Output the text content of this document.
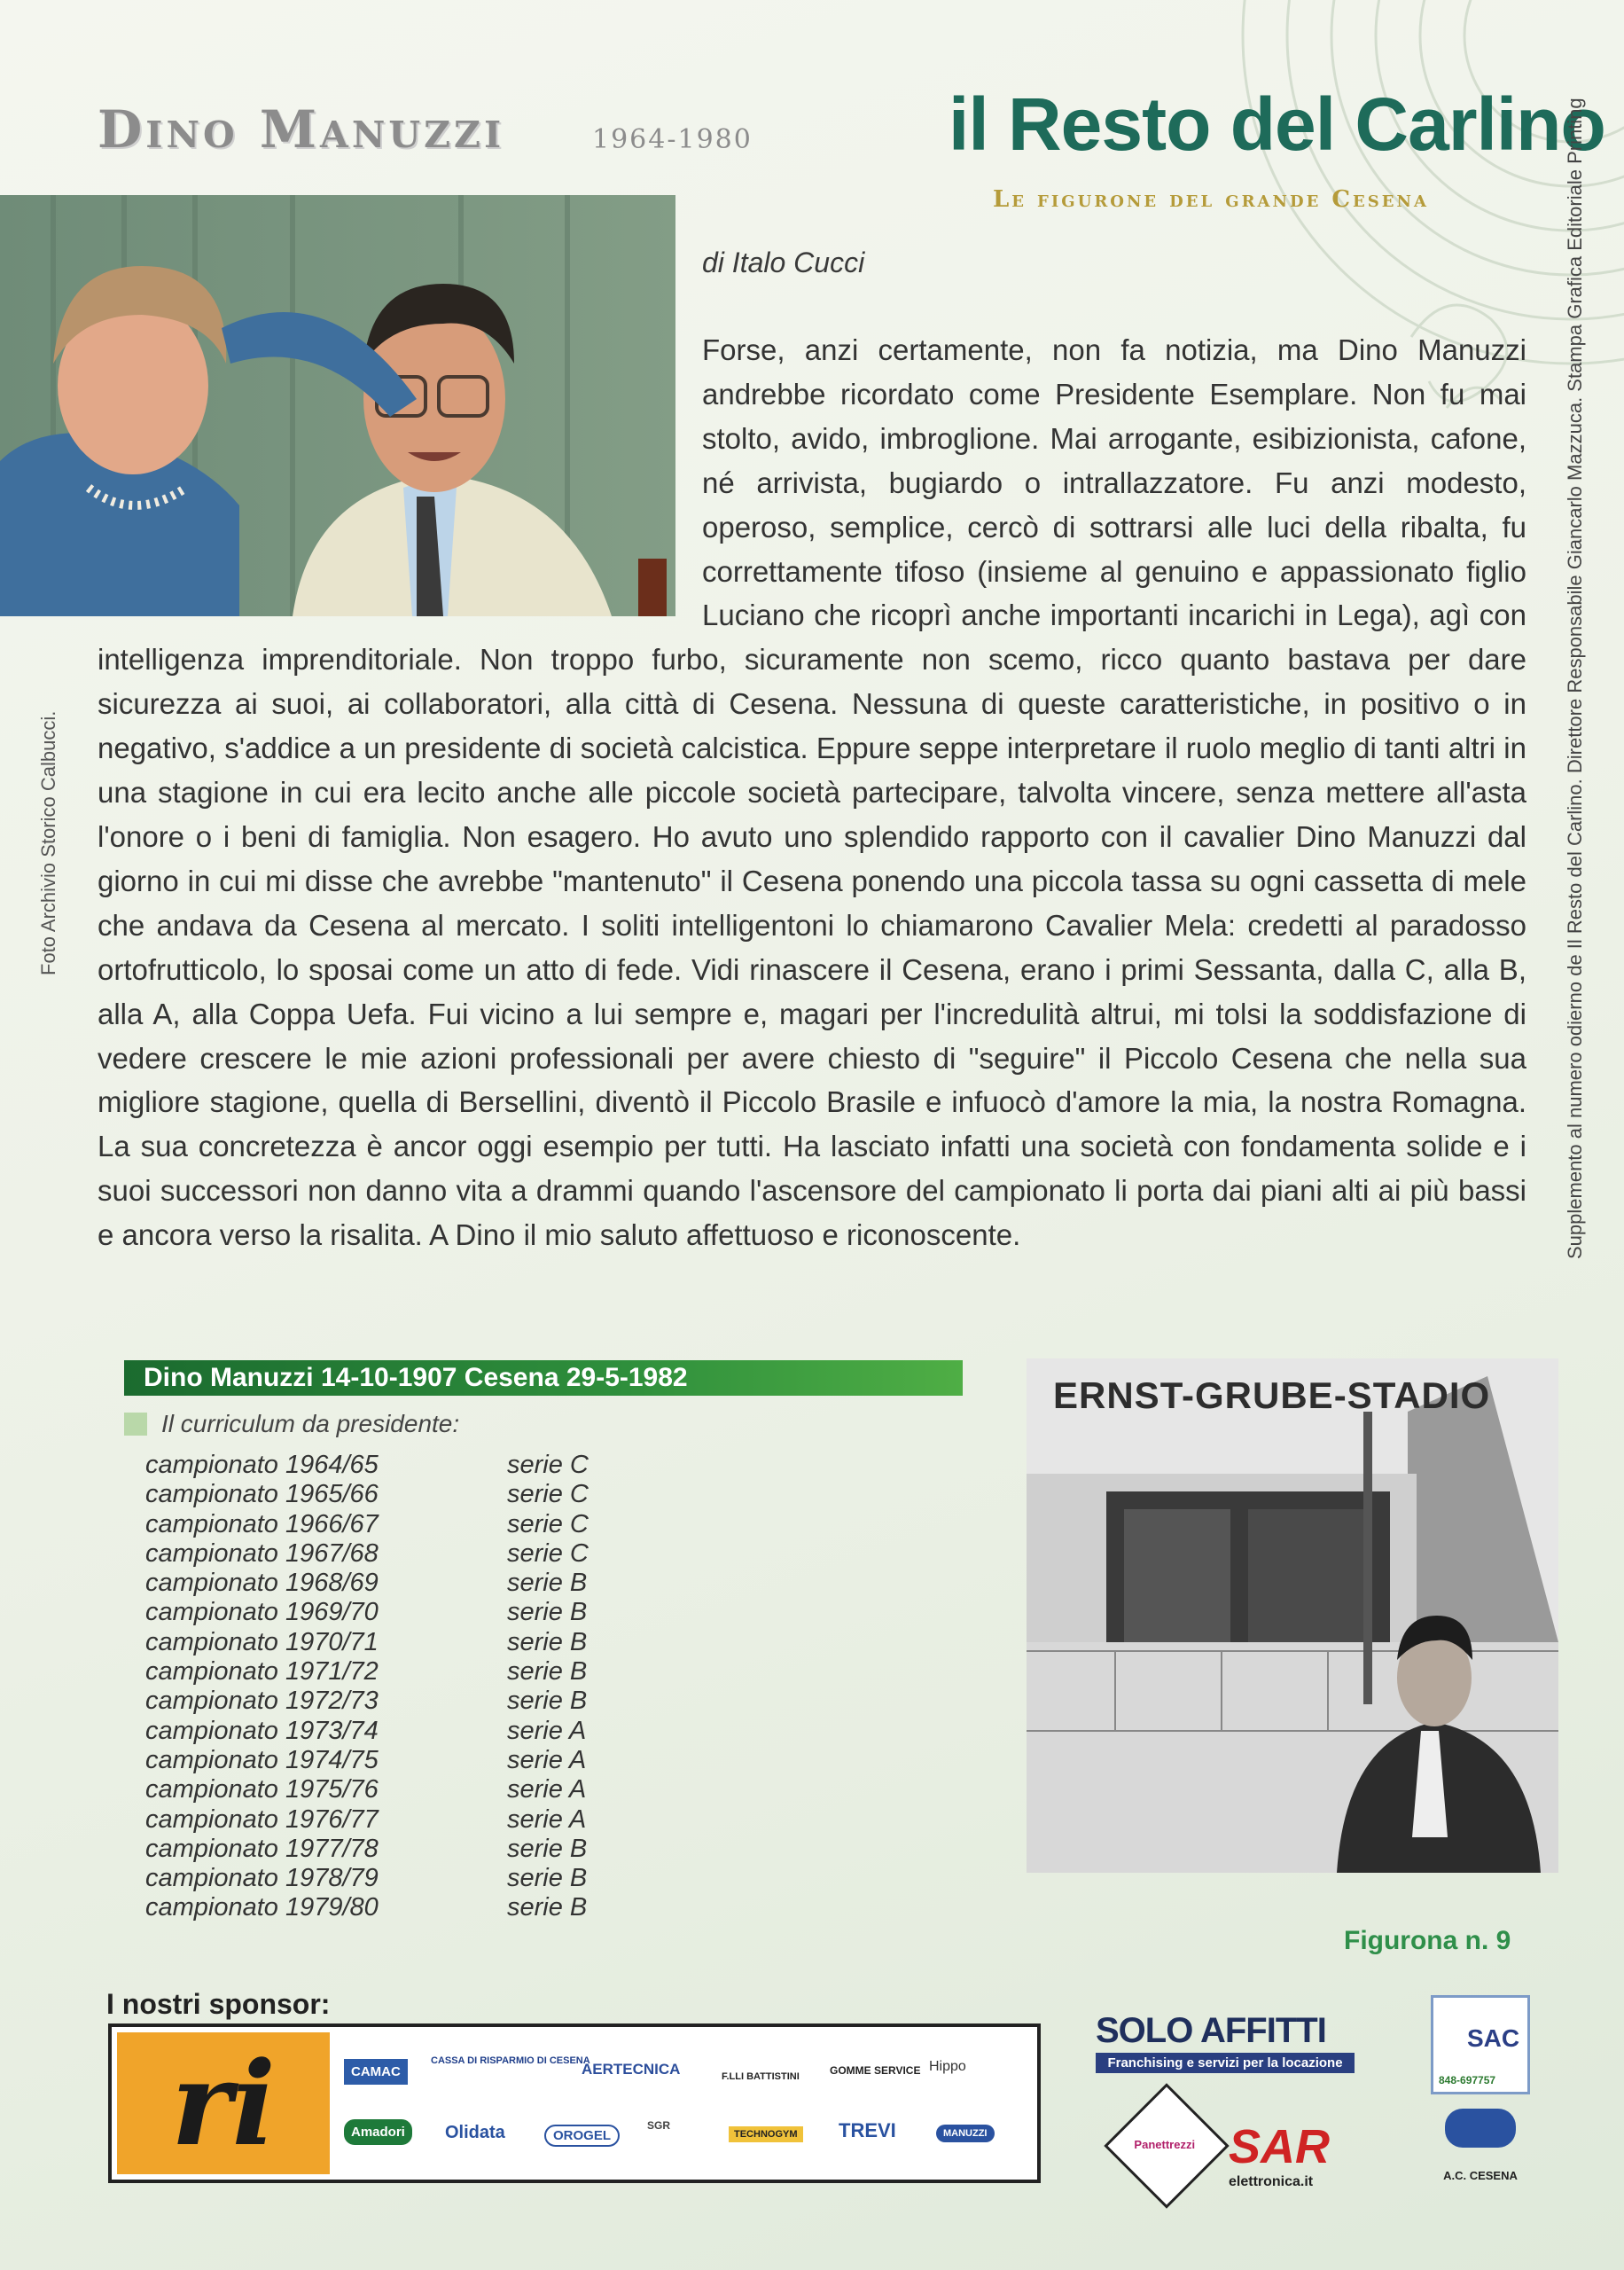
Dino Manuzzi	1964-1980	il Resto del Carlino
Le figurone del grande Cesena	Supplemento al numero odierno de Il Resto del Carlino. Direttore Responsabile Giancarlo Mazzuca. Stampa Grafica Editoriale Printing
Foto Archivio Storico Calbucci.
di Italo Cucci
Forse, anzi certamente, non fa notizia, ma Dino Manuzzi andrebbe ricordato come Presidente Esemplare. Non fu mai stolto, avido, imbroglione. Mai arrogante, esibizionista, cafone, né arrivista, bugiardo o intrallazzatore. Fu anzi modesto, operoso, semplice, cercò di sottrarsi alle luci della ribalta, fu correttamente tifoso (insieme al genuino e appassionato figlio Luciano che ricoprì anche importanti incarichi in Lega), agì con intelligenza imprenditoriale. Non troppo furbo, sicuramente non scemo, ricco quanto bastava per dare sicurezza ai suoi, ai collaboratori, alla città di Cesena. Nessuna di queste caratteristiche, in positivo o in negativo, s'addice a un presidente di società calcistica. Eppure seppe interpretare il ruolo meglio di tanti altri in una stagione in cui era lecito anche alle piccole società partecipare, talvolta vincere, senza mettere all'asta l'onore o i beni di famiglia. Non esagero. Ho avuto uno splendido rapporto con il cavalier Dino Manuzzi dal giorno in cui mi disse che avrebbe "mantenuto" il Cesena ponendo una piccola tassa su ogni cassetta di mele che andava da Cesena al mercato. I soliti intelligentoni lo chiamarono Cavalier Mela: credetti al paradosso ortofrutticolo, lo sposai come un atto di fede. Vidi rinascere il Cesena, erano i primi Sessanta, dalla C, alla B, alla A, alla Coppa Uefa. Fui vicino a lui sempre e, magari per l'incredulità altrui, mi tolsi la soddisfazione di vedere crescere le mie azioni professionali per avere chiesto di "seguire" il Piccolo Cesena che nella sua migliore stagione, quella di Bersellini, diventò il Piccolo Brasile e infuocò d'amore la mia, la nostra Romagna. La sua concretezza è ancor oggi esempio per tutti. Ha lasciato infatti una società con fondamenta solide e i suoi successori non danno vita a drammi quando l'ascensore del campionato li porta dai piani alti ai più bassi e ancora verso la risalita. A Dino il mio saluto affettuoso e riconoscente.
Dino Manuzzi 14-10-1907 Cesena 29-5-1982
Il curriculum da presidente:
campionato 1964/65	serie C
campionato 1965/66	serie C
campionato 1966/67	serie C
campionato 1967/68	serie C
campionato 1968/69	serie B
campionato 1969/70	serie B
campionato 1970/71	serie B
campionato 1971/72	serie B
campionato 1972/73	serie B
campionato 1973/74	serie A
campionato 1974/75	serie A
campionato 1975/76	serie A
campionato 1976/77	serie A
campionato 1977/78	serie B
campionato 1978/79	serie B
campionato 1979/80	serie B
ERNST-GRUBE-STADIO
Figurona n. 9
I nostri sponsor:
ri	CAMAC
CASSA DI RISPARMIO DI CESENA
AERTECNICA	F.LLI BATTISTINI	GOMME SERVICE Hippo
Amadori	Olidata	OROGEL
SGR
TECHNOGYM TREVI	MANUZZI
SOLO AFFITTI
Franchising e servizi per la locazione
Panettrezzi SAR
elettronica.it
SAC
848-697757
A.C. CESENA
